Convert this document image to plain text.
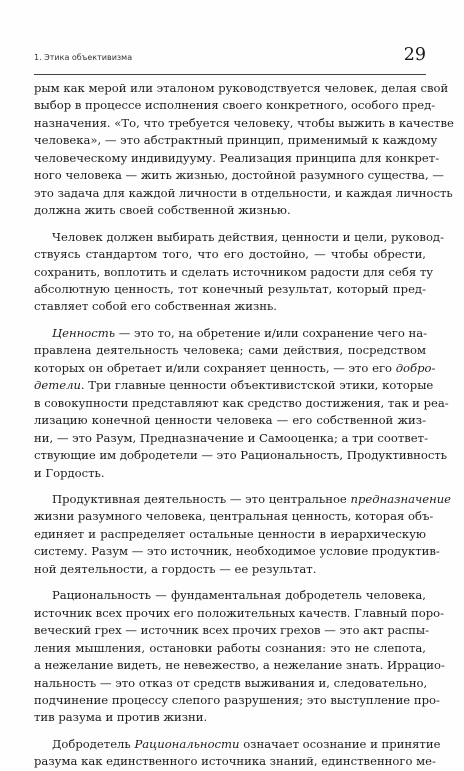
1. Этика объективизма	29
рым как мерой или эталоном руководствуется человек, делая свой
выбор в процессе исполнения своего конкретного, особого пред-
назначения. «То, что требуется человеку, чтобы выжить в качестве
человека», — это абстрактный принцип, применимый к каждому
человеческому индивидууму. Реализация принципа для конкрет-
ного человека — жить жизнью, достойной разумного существа, —
это задача для каждой личности в отдельности, и каждая личность
должна жить своей собственной жизнью.
Человек должен выбирать действия, ценности и цели, руковод-
ствуясь стандартом того, что его достойно, — чтобы обрести,
сохранить, воплотить и сделать источником радости для себя ту
абсолютную ценность, тот конечный результат, который пред-
ставляет собой его собственная жизнь.
Ценность — это то, на обретение и/или сохранение чего на-
правлена деятельность человека; сами действия, посредством
которых он обретает и/или сохраняет ценность, — это его добро-
детели. Три главные ценности объективистской этики, которые
в совокупности представляют как средство достижения, так и реа-
лизацию конечной ценности человека — его собственной жиз-
ни, — это Разум, Предназначение и Самооценка; а три соответ-
ствующие им добродетели — это Рациональность, Продуктивность
и Гордость.
Продуктивная деятельность — это центральное предназначение
жизни разумного человека, центральная ценность, которая объ-
единяет и распределяет остальные ценности в иерархическую
систему. Разум — это источник, необходимое условие продуктив-
ной деятельности, а гордость — ее результат.
Рациональность — фундаментальная добродетель человека,
источник всех прочих его положительных качеств. Главный поро-
веческий грех — источник всех прочих грехов — это акт распы-
ления мышления, остановки работы сознания: это не слепота,
а нежелание видеть, не невежество, а нежелание знать. Иррацио-
нальность — это отказ от средств выживания и, следовательно,
подчинение процессу слепого разрушения; это выступление про-
тив разума и против жизни.
Добродетель Рациональности означает осознание и принятие
разума как единственного источника знаний, единственного ме-
